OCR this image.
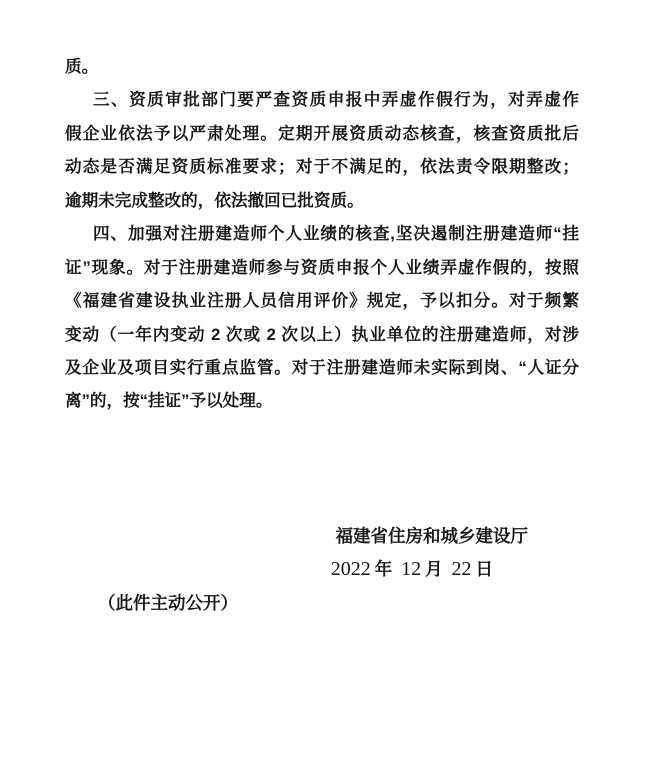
质。
三、资质审批部门要严查资质申报中弄虚作假行为，对弄虚作
假企业依法予以严肃处理。定期开展资质动态核查，核查资质批后
动态是否满足资质标准要求；对于不满足的，依法责令限期整改；
逾期未完成整改的，依法撤回已批资质。
四、加强对注册建造师个人业绩的核查,坚决遏制注册建造师“挂
证”现象。对于注册建造师参与资质申报个人业绩弄虚作假的，按照
《福建省建设执业注册人员信用评价》规定，予以扣分。对于频繁
变动（一年内变动 2 次或 2 次以上）执业单位的注册建造师，对涉
及企业及项目实行重点监管。对于注册建造师未实际到岗、“人证分
离”的，按“挂证”予以处理。
福建省住房和城乡建设厅
2022 年 12 月 22 日
（此件主动公开）
